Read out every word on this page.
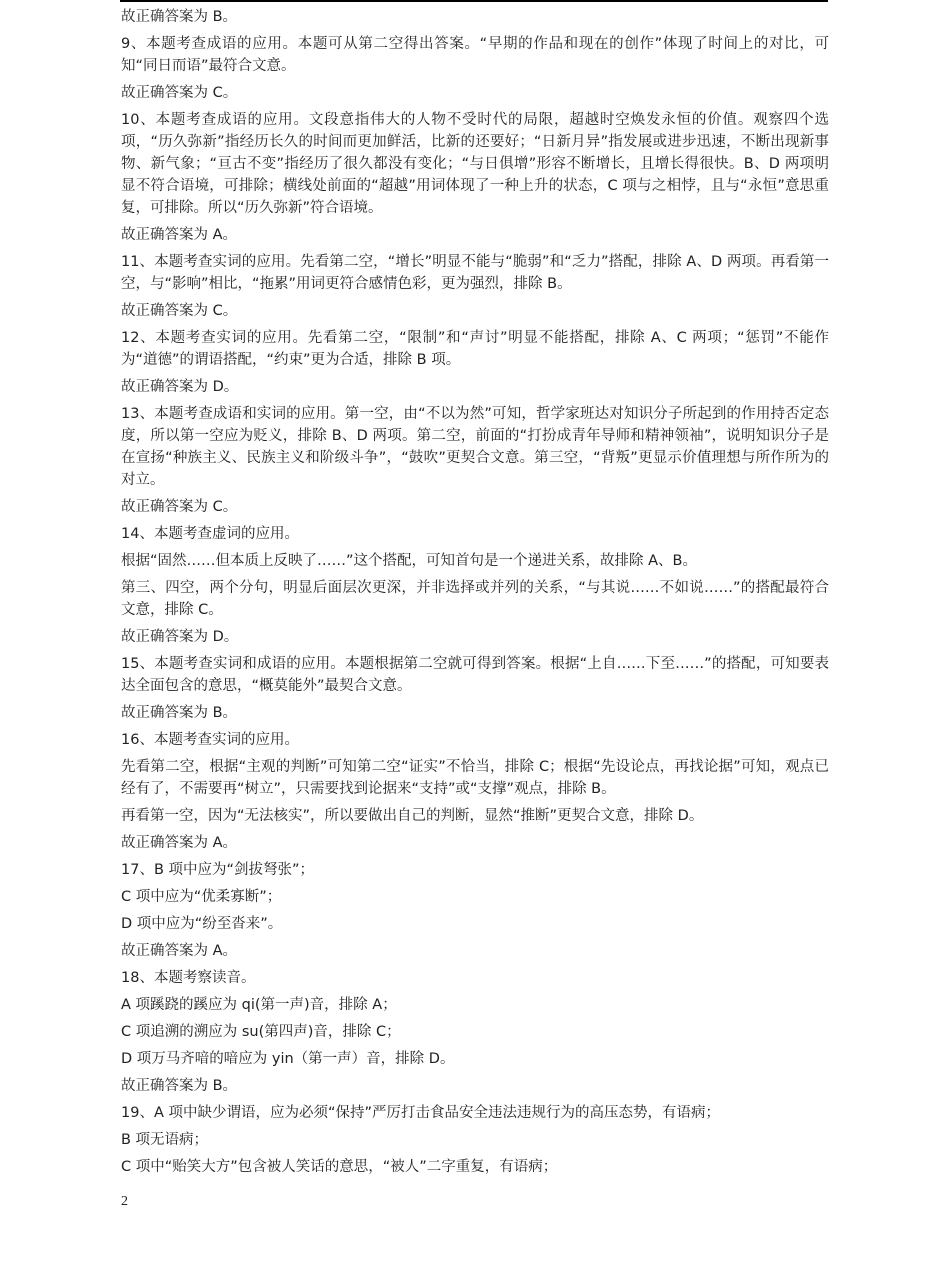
故正确答案为 B。

9、本题考查成语的应用。本题可从第二空得出答案。“早期的作品和现在的创作”体现了时间上的对比，可知“同日而语”最符合文意。

故正确答案为 C。

10、本题考查成语的应用。文段意指伟大的人物不受时代的局限，超越时空焕发永恒的价值。观察四个选项，“历久弥新”指经历长久的时间而更加鲜活，比新的还要好；“日新月异”指发展或进步迅速，不断出现新事物、新气象；“亘古不变”指经历了很久都没有变化；“与日俱增”形容不断增长，且增长得很快。B、D 两项明显不符合语境，可排除；横线处前面的“超越”用词体现了一种上升的状态，C 项与之相悖，且与“永恒”意思重复，可排除。所以“历久弥新”符合语境。

故正确答案为 A。

11、本题考查实词的应用。先看第二空，“增长”明显不能与“脆弱”和“乏力”搭配，排除 A、D 两项。再看第一空，与“影响”相比，“拖累”用词更符合感情色彩，更为强烈，排除 B。

故正确答案为 C。

12、本题考查实词的应用。先看第二空，“限制”和“声讨”明显不能搭配，排除 A、C 两项；“惩罚”不能作为“道德”的谓语搭配，“约束”更为合适，排除 B 项。

故正确答案为 D。

13、本题考查成语和实词的应用。第一空，由“不以为然”可知，哲学家班达对知识分子所起到的作用持否定态度，所以第一空应为贬义，排除 B、D 两项。第二空，前面的“打扮成青年导师和精神领袖”，说明知识分子是在宣扬“种族主义、民族主义和阶级斗争”，“鼓吹”更契合文意。第三空，“背叛”更显示价值理想与所作所为的对立。

故正确答案为 C。

14、本题考查虚词的应用。

根据“固然……但本质上反映了……”这个搭配，可知首句是一个递进关系，故排除 A、B。

第三、四空，两个分句，明显后面层次更深，并非选择或并列的关系，“与其说……不如说……”的搭配最符合文意，排除 C。

故正确答案为 D。

15、本题考查实词和成语的应用。本题根据第二空就可得到答案。根据“上自……下至……”的搭配，可知要表达全面包含的意思，“概莫能外”最契合文意。

故正确答案为 B。

16、本题考查实词的应用。

先看第二空，根据“主观的判断”可知第二空“证实”不恰当，排除 C；根据“先设论点，再找论据”可知，观点已经有了，不需要再“树立”，只需要找到论据来“支持”或“支撑”观点，排除 B。

再看第一空，因为“无法核实”，所以要做出自己的判断，显然“推断”更契合文意，排除 D。

故正确答案为 A。

17、B 项中应为“剑拔弩张”；

C 项中应为“优柔寡断”；

D 项中应为“纷至沓来”。

故正确答案为 A。

18、本题考察读音。

A 项蹊跷的蹊应为 qi(第一声)音，排除 A；

C 项追溯的溯应为 su(第四声)音，排除 C；

D 项万马齐喑的喑应为 yin（第一声）音，排除 D。

故正确答案为 B。

19、A 项中缺少谓语，应为必须“保持”严厉打击食品安全违法违规行为的高压态势，有语病；

B 项无语病；

C 项中“贻笑大方”包含被人笑话的意思，“被人”二字重复，有语病；

2
